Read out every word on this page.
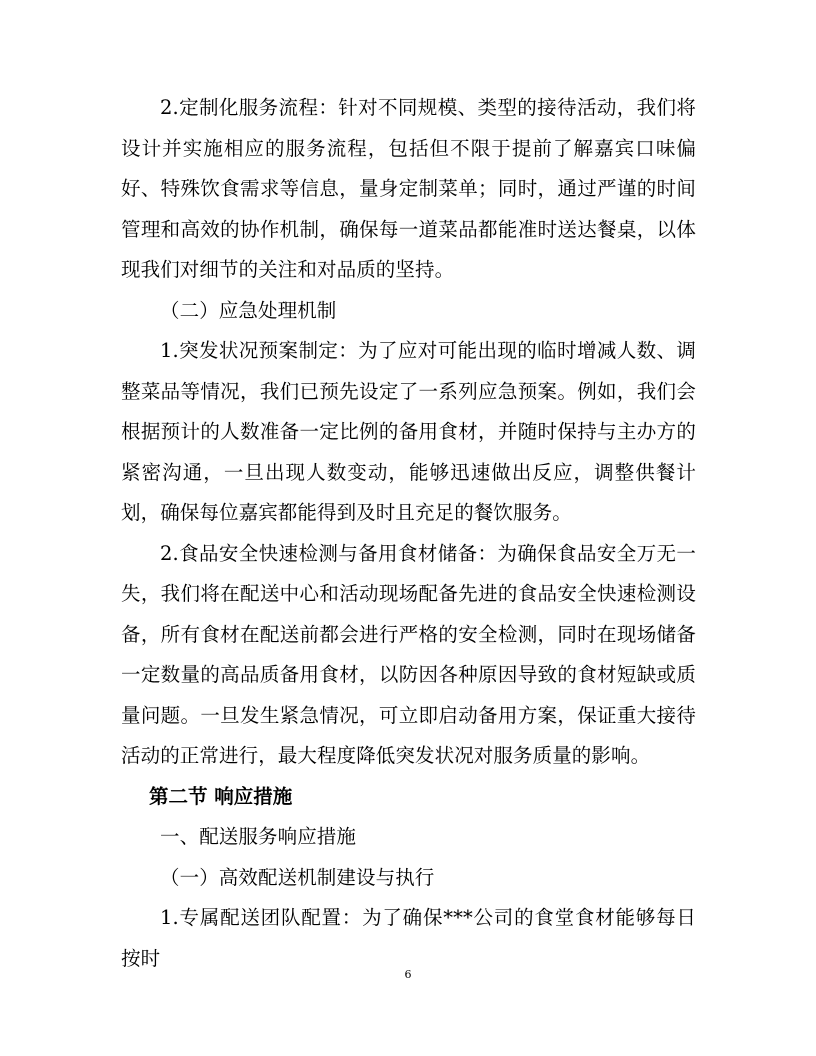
2.定制化服务流程：针对不同规模、类型的接待活动，我们将设计并实施相应的服务流程，包括但不限于提前了解嘉宾口味偏好、特殊饮食需求等信息，量身定制菜单；同时，通过严谨的时间管理和高效的协作机制，确保每一道菜品都能准时送达餐桌，以体现我们对细节的关注和对品质的坚持。

（二）应急处理机制

1.突发状况预案制定：为了应对可能出现的临时增减人数、调整菜品等情况，我们已预先设定了一系列应急预案。例如，我们会根据预计的人数准备一定比例的备用食材，并随时保持与主办方的紧密沟通，一旦出现人数变动，能够迅速做出反应，调整供餐计划，确保每位嘉宾都能得到及时且充足的餐饮服务。

2.食品安全快速检测与备用食材储备：为确保食品安全万无一失，我们将在配送中心和活动现场配备先进的食品安全快速检测设备，所有食材在配送前都会进行严格的安全检测，同时在现场储备一定数量的高品质备用食材，以防因各种原因导致的食材短缺或质量问题。一旦发生紧急情况，可立即启动备用方案，保证重大接待活动的正常进行，最大程度降低突发状况对服务质量的影响。

第二节 响应措施

一、配送服务响应措施

（一）高效配送机制建设与执行

1.专属配送团队配置：为了确保***公司的食堂食材能够每日按时

6
